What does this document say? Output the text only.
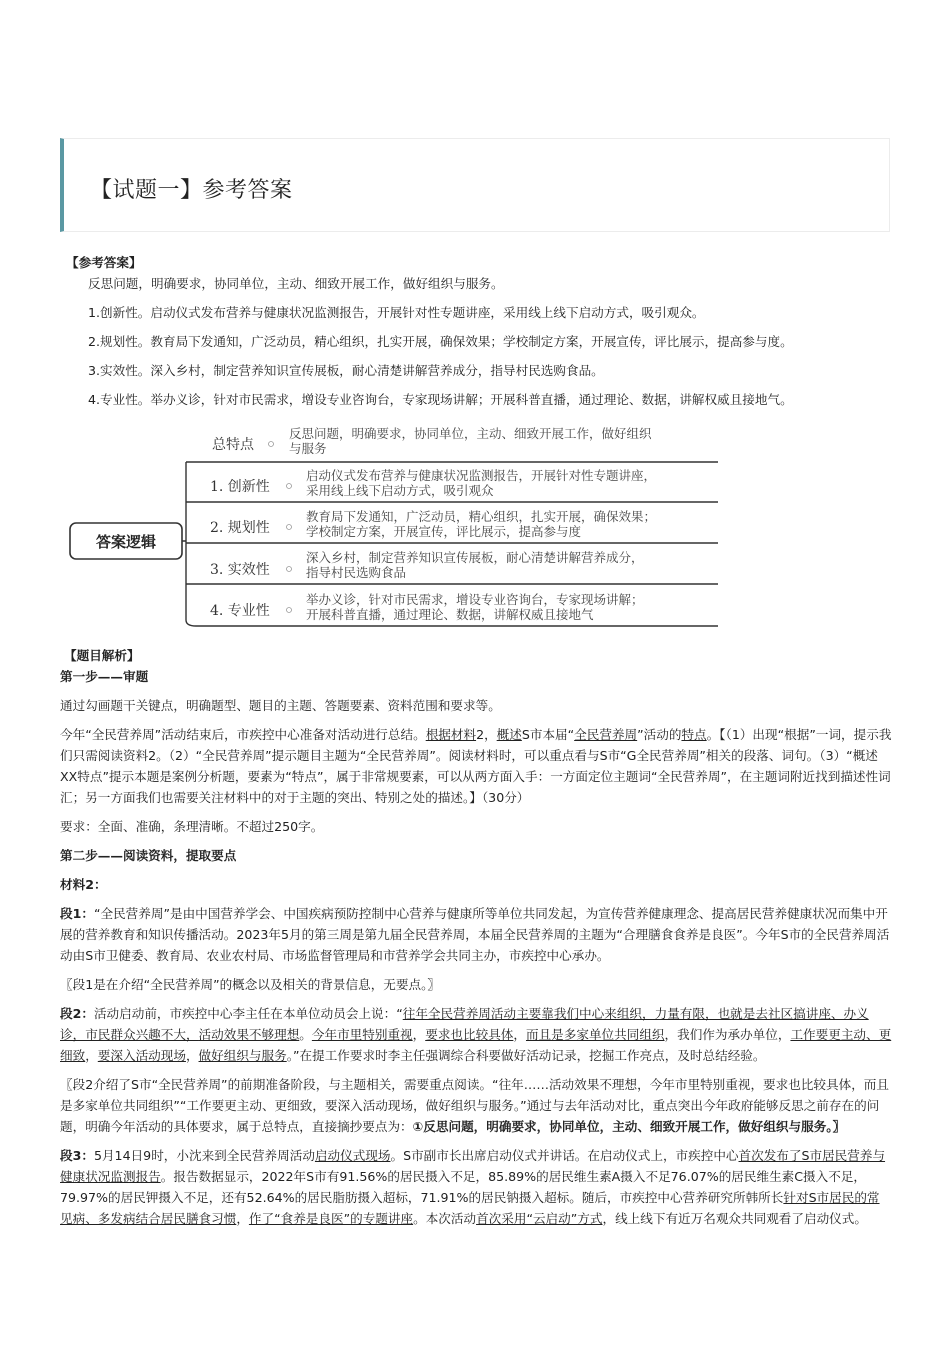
【试题一】参考答案

【参考答案】

反思问题，明确要求，协同单位，主动、细致开展工作，做好组织与服务。

1.创新性。启动仪式发布营养与健康状况监测报告，开展针对性专题讲座，采用线上线下启动方式，吸引观众。

2.规划性。教育局下发通知，广泛动员，精心组织，扎实开展，确保效果；学校制定方案，开展宣传，评比展示，提高参与度。

3.实效性。深入乡村，制定营养知识宣传展板，耐心清楚讲解营养成分，指导村民选购食品。

4.专业性。举办义诊，针对市民需求，增设专业咨询台，专家现场讲解；开展科普直播，通过理论、数据，讲解权威且接地气。

答案逻辑
总特点
反思问题，明确要求，协同单位，主动、细致开展工作，做好组织
与服务
1. 创新性
启动仪式发布营养与健康状况监测报告，开展针对性专题讲座，
采用线上线下启动方式，吸引观众
2. 规划性
教育局下发通知，广泛动员，精心组织，扎实开展，确保效果；
学校制定方案，开展宣传，评比展示，提高参与度
3. 实效性
深入乡村，制定营养知识宣传展板，耐心清楚讲解营养成分，
指导村民选购食品
4. 专业性
举办义诊，针对市民需求，增设专业咨询台，专家现场讲解；
开展科普直播，通过理论、数据，讲解权威且接地气

【题目解析】

第一步——审题

通过勾画题干关键点，明确题型、题目的主题、答题要素、资料范围和要求等。

今年“全民营养周”活动结束后，市疾控中心准备对活动进行总结。根据材料2，概述S市本届“全民营养周”活动的特点。【（1）出现“根据”一词，提示我们只需阅读资料2。（2）“全民营养周”提示题目主题为“全民营养周”。阅读材料时，可以重点看与S市“G全民营养周”相关的段落、词句。（3）“概述XX特点”提示本题是案例分析题，要素为“特点”，属于非常规要素，可以从两方面入手：一方面定位主题词“全民营养周”，在主题词附近找到描述性词汇；另一方面我们也需要关注材料中的对于主题的突出、特别之处的描述。】（30分）

要求：全面、准确，条理清晰。不超过250字。

第二步——阅读资料，提取要点

材料2：

段1：“全民营养周”是由中国营养学会、中国疾病预防控制中心营养与健康所等单位共同发起，为宣传营养健康理念、提高居民营养健康状况而集中开展的营养教育和知识传播活动。2023年5月的第三周是第九届全民营养周，本届全民营养周的主题为“合理膳食食养是良医”。今年S市的全民营养周活动由S市卫健委、教育局、农业农村局、市场监督管理局和市营养学会共同主办，市疾控中心承办。

〖段1是在介绍“全民营养周”的概念以及相关的背景信息，无要点。〗

段2：活动启动前，市疾控中心李主任在本单位动员会上说：“往年全民营养周活动主要靠我们中心来组织，力量有限，也就是去社区搞讲座、办义诊，市民群众兴趣不大，活动效果不够理想。今年市里特别重视，要求也比较具体，而且是多家单位共同组织，我们作为承办单位，工作要更主动、更细致，要深入活动现场，做好组织与服务。”在提工作要求时李主任强调综合科要做好活动记录，挖掘工作亮点，及时总结经验。

〖段2介绍了S市“全民营养周”的前期准备阶段，与主题相关，需要重点阅读。“往年……活动效果不理想，今年市里特别重视，要求也比较具体，而且是多家单位共同组织”“工作要更主动、更细致，要深入活动现场，做好组织与服务。”通过与去年活动对比，重点突出今年政府能够反思之前存在的问题，明确今年活动的具体要求，属于总特点，直接摘抄要点为：①反思问题，明确要求，协同单位，主动、细致开展工作，做好组织与服务。〗

段3：5月14日9时，小沈来到全民营养周活动启动仪式现场。S市副市长出席启动仪式并讲话。在启动仪式上，市疾控中心首次发布了S市居民营养与健康状况监测报告。报告数据显示，2022年S市有91.56%的居民摄入不足，85.89%的居民维生素A摄入不足76.07%的居民维生素C摄入不足，79.97%的居民钾摄入不足，还有52.64%的居民脂肪摄入超标，71.91%的居民钠摄入超标。随后，市疾控中心营养研究所韩所长针对S市居民的常见病、多发病结合居民膳食习惯，作了“食养是良医”的专题讲座。本次活动首次采用“云启动”方式，线上线下有近万名观众共同观看了启动仪式。
